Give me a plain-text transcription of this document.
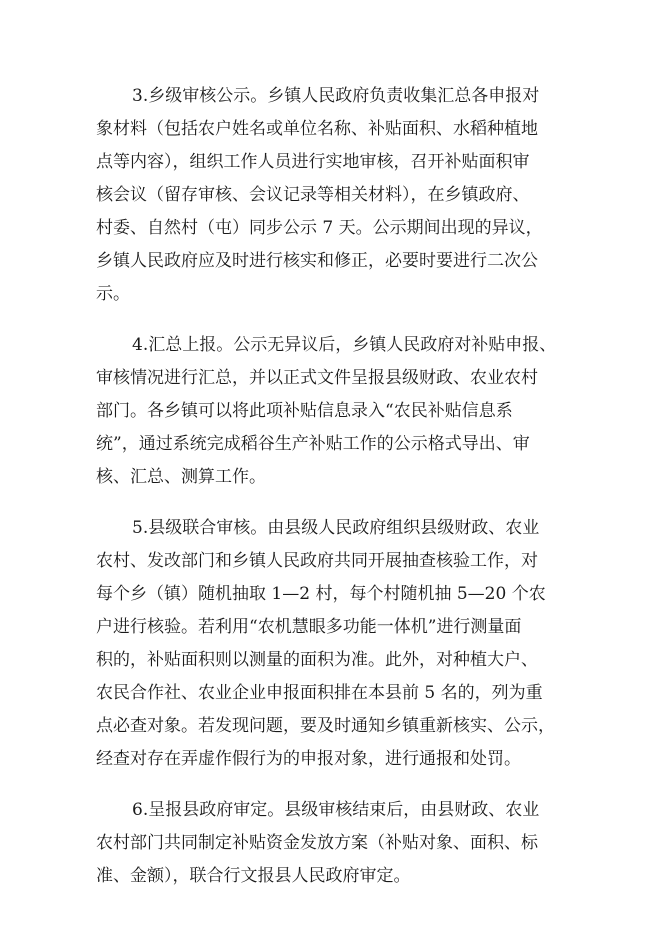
3.乡级审核公示。乡镇人民政府负责收集汇总各申报对
象材料（包括农户姓名或单位名称、补贴面积、水稻种植地
点等内容），组织工作人员进行实地审核，召开补贴面积审
核会议（留存审核、会议记录等相关材料），在乡镇政府、
村委、自然村（屯）同步公示 7 天。公示期间出现的异议，
乡镇人民政府应及时进行核实和修正，必要时要进行二次公
示。

4.汇总上报。公示无异议后，乡镇人民政府对补贴申报、
审核情况进行汇总，并以正式文件呈报县级财政、农业农村
部门。各乡镇可以将此项补贴信息录入“农民补贴信息系
统”，通过系统完成稻谷生产补贴工作的公示格式导出、审
核、汇总、测算工作。

5.县级联合审核。由县级人民政府组织县级财政、农业
农村、发改部门和乡镇人民政府共同开展抽查核验工作，对
每个乡（镇）随机抽取 1—2 村，每个村随机抽 5—20 个农
户进行核验。若利用“农机慧眼多功能一体机”进行测量面
积的，补贴面积则以测量的面积为准。此外，对种植大户、
农民合作社、农业企业申报面积排在本县前 5 名的，列为重
点必查对象。若发现问题，要及时通知乡镇重新核实、公示，
经查对存在弄虚作假行为的申报对象，进行通报和处罚。

6.呈报县政府审定。县级审核结束后，由县财政、农业
农村部门共同制定补贴资金发放方案（补贴对象、面积、标
准、金额），联合行文报县人民政府审定。
